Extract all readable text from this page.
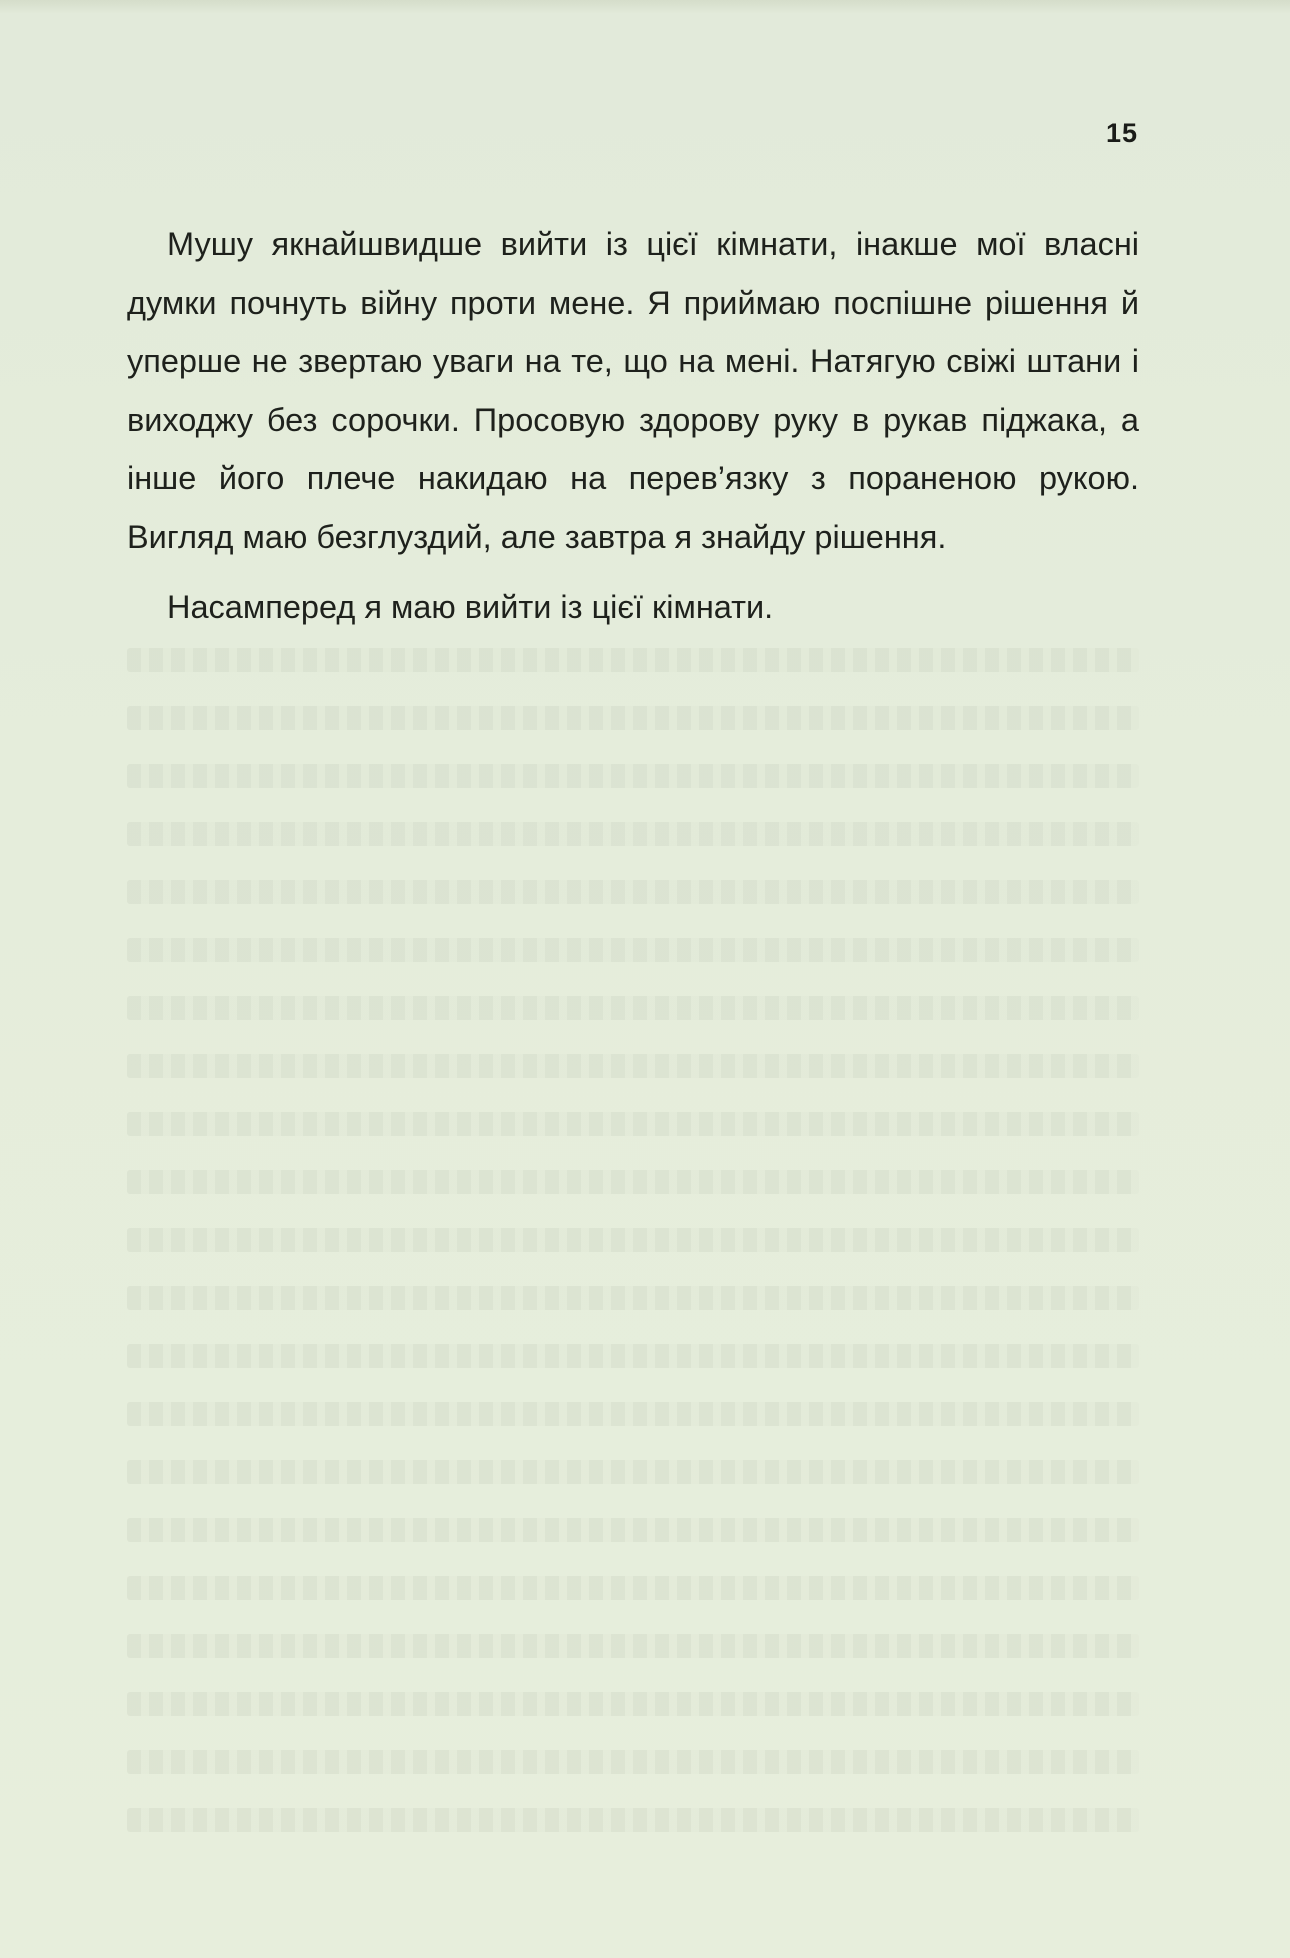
15

Мушу якнайшвидше вийти із цієї кімнати, інакше мої власні думки почнуть війну проти мене. Я приймаю поспішне рішення й уперше не звертаю уваги на те, що на мені. Натягую свіжі штани і виходжу без сорочки. Просовую здорову руку в рукав піджака, а інше його плече накидаю на перев’язку з пораненою рукою. Вигляд маю безглуздий, але завтра я знайду рішення.

Насамперед я маю вийти із цієї кімнати.
